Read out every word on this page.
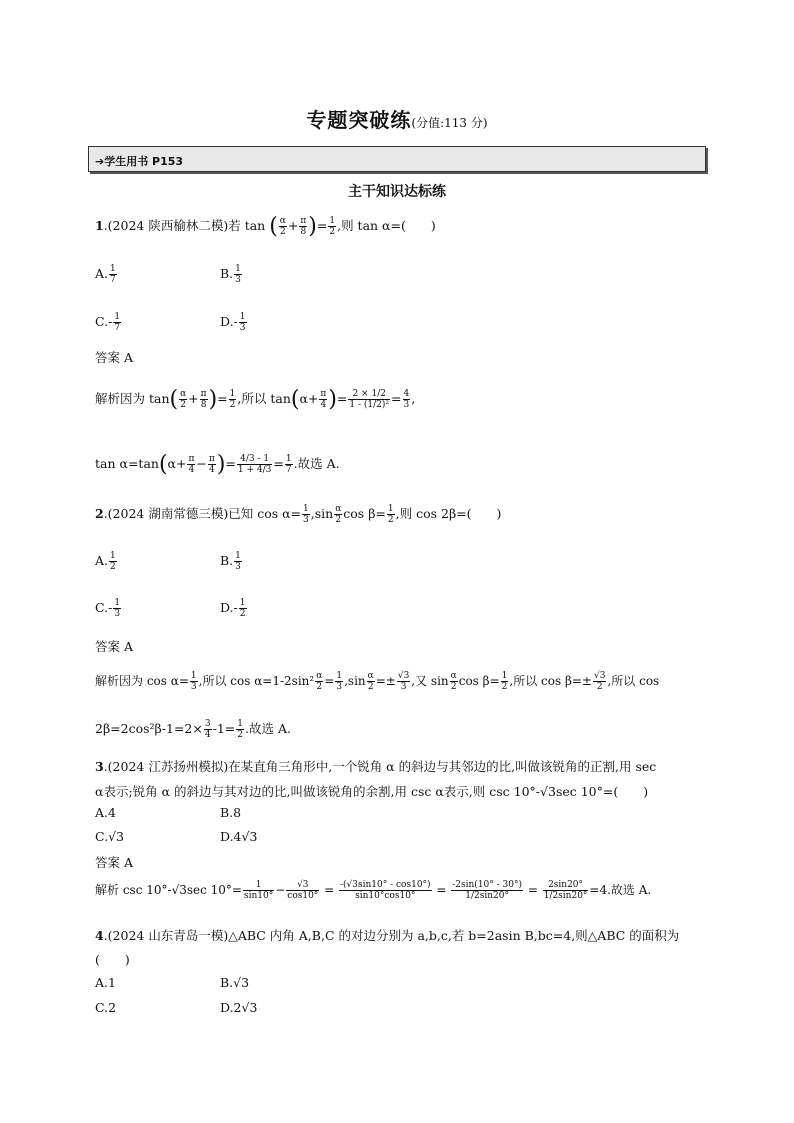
专题突破练(分值:113 分)
➔学生用书 P153
主干知识达标练
1.(2024 陕西榆林二模)若 tan ( $\frac{\alpha}{2} + \frac{\pi}{8}$ )= $\frac{1}{2}$ ,则 tan α=(　　)
A. $\frac{1}{7}$	B. $\frac{1}{3}$
$C.- \frac{1}{7}$	$D.- \frac{1}{3}$
答案 A
解析因为 $\tan( \frac{\alpha}{2} + \frac{\pi}{8}$ )= $\frac{1}{2}$ ,所以 $\tan(\alpha+ \frac{\pi}{4}$ )= $\frac{2 \times 1/2}{\text{1 - (1/2)²}} = \frac{4}{3}$ ,
$\tan \alpha=\tan(\alpha+ \frac{\pi}{4} - \frac{\pi}{4}$ )= $\frac{4/3 - 1}{1 + 4/3} = \frac{1}{7}$ .故选 A.
2.(2024 湖南常德三模)已知 $\cos \alpha= \frac{1}{3} ,\sin \frac{\alpha}{2}$ $\cos \beta= \frac{1}{2}$ ,则 cos 2β=(　　)
A. $\frac{1}{2}$	B. $\frac{1}{3}$
$C.- \frac{1}{3}$	$D.- \frac{1}{2}$
答案 A
解析因为 $\cos \alpha= \frac{1}{3}$ ,所以 $\cos \alpha=1-2\sin^2 \frac{\alpha}{2} = \frac{1}{3} ,\sin \frac{\alpha}{2} =\pm \frac{√3}{3}$ ,又 $\sin \frac{\alpha}{2}$ $\cos \beta= \frac{1}{2}$ ,所以 $\cos \beta=\pm \frac{√3}{2}$ ,所以 cos
$2\beta=2\cos^2\beta-1=2\times \frac{3}{4} -1= \frac{1}{2}$ .故选 A.
3.(2024 江苏扬州模拟)在某直角三角形中,一个锐角 α 的斜边与其邻边的比,叫做该锐角的正割,用 sec
α表示;锐角 α 的斜边与其对边的比,叫做该锐角的余割,用 csc α表示,则 csc 10°-√3sec 10°=(　　)
A.4	B.8
C.√3	D.4√3
答案 A
解析 csc 10°-√3sec $10^\circ= \frac{1}{\sin 10^\circ} - \frac{√3}{\cos 10^\circ} = \frac{-(√3\sin 10^\circ - \cos 10^\circ)}{\sin 10^\circ\cos 10^\circ} = \frac{-2\sin(10^\circ - 30^\circ)}{1/2\sin 20^\circ} = \frac{2\sin 20^\circ}{1/2\sin 20^\circ} =4$.故选 A.
4.(2024 山东青岛一模)△ABC 内角 A,B,C 的对边分别为 a,b,c,若 b=2asin B,bc=4,则△ABC 的面积为
(　　)
A.1	B.√3
C.2	D.2√3
